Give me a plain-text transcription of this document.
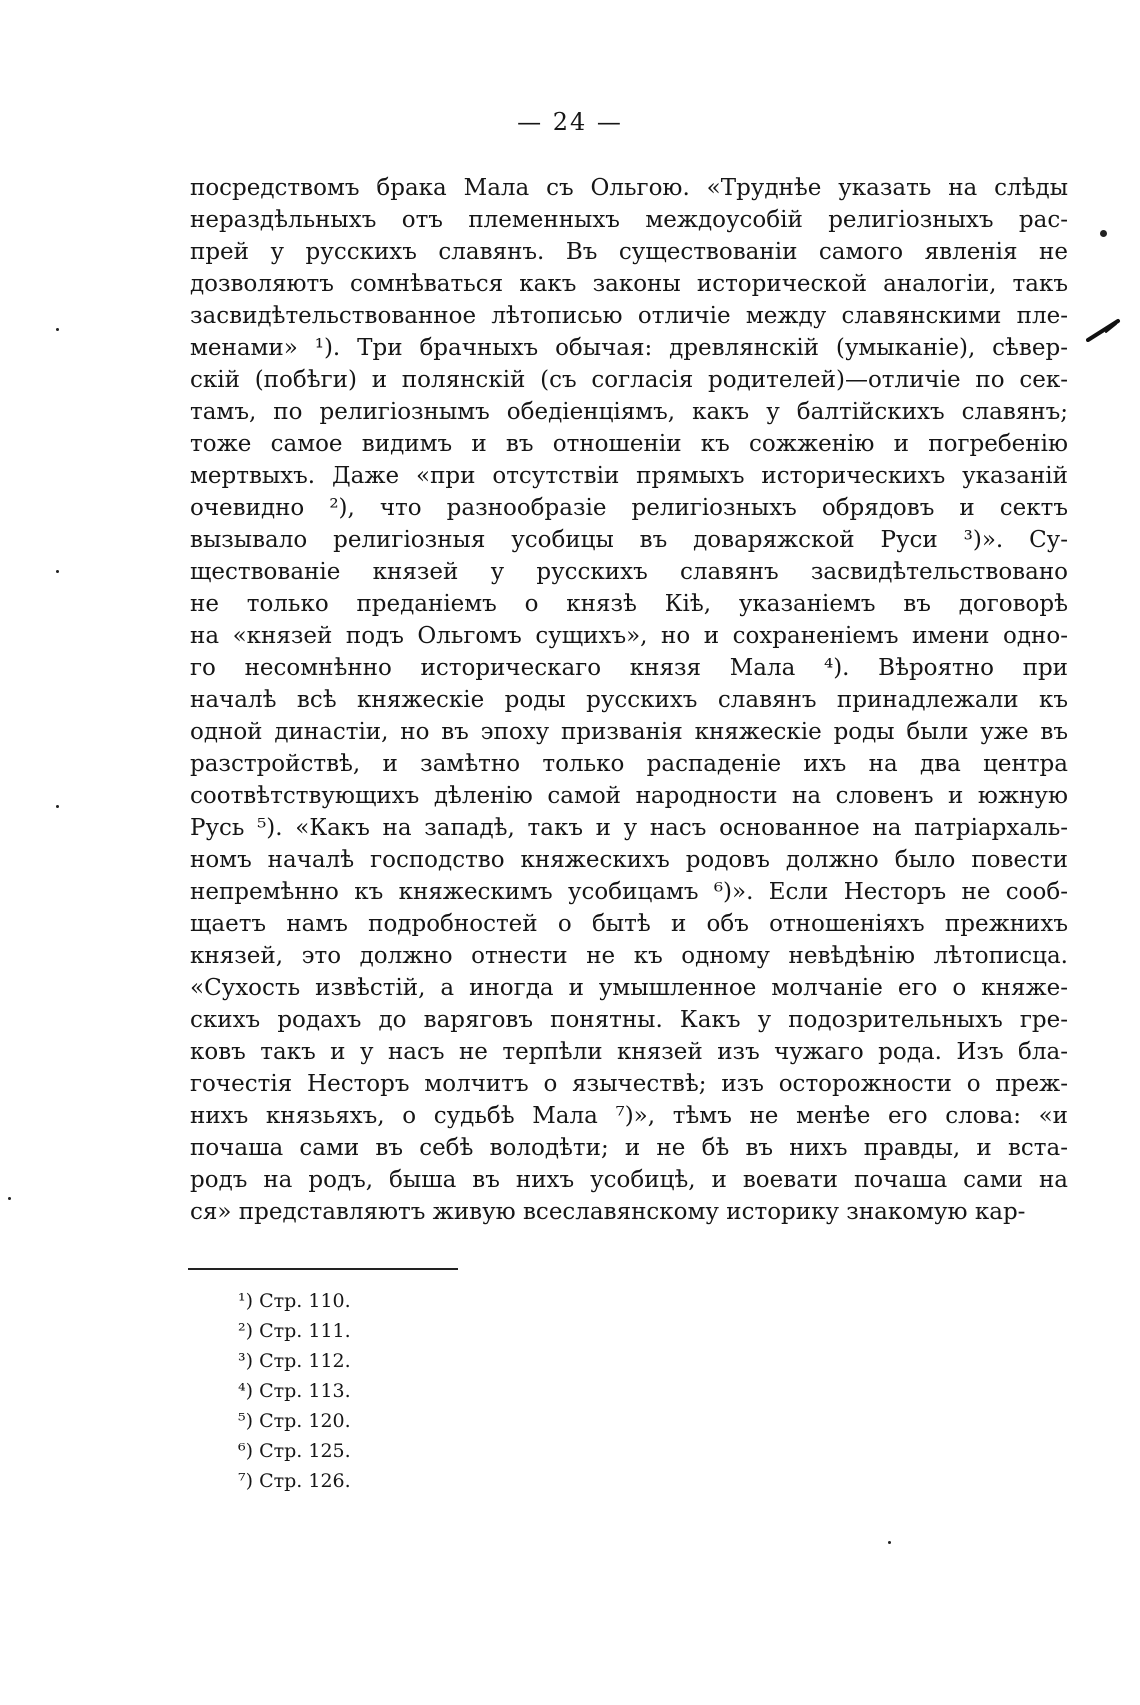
— 24 —
посредствомъ брака Мала съ Ольгою. «Труднѣе указать на слѣды
нераздѣльныхъ отъ племенныхъ междоусобій религіозныхъ рас-
прей у русскихъ славянъ. Въ существованіи самого явленія не
дозволяютъ сомнѣваться какъ законы исторической аналогіи, такъ
засвидѣтельствованное лѣтописью отличіе между славянскими пле-
менами» ¹). Три брачныхъ обычая: древлянскій (умыканіе), сѣвер-
скій (побѣги) и полянскій (съ согласія родителей)—отличіе по сек-
тамъ, по религіознымъ обедіенціямъ, какъ у балтійскихъ славянъ;
тоже самое видимъ и въ отношеніи къ сожженію и погребенію
мертвыхъ. Даже «при отсутствіи прямыхъ историческихъ указаній
очевидно ²), что разнообразіе религіозныхъ обрядовъ и сектъ
вызывало религіозныя усобицы въ доваряжской Руси ³)». Су-
ществованіе князей у русскихъ славянъ засвидѣтельствовано
не только преданіемъ о князѣ Кіѣ, указаніемъ въ договорѣ
на «князей подъ Ольгомъ сущихъ», но и сохраненіемъ имени одно-
го несомнѣнно историческаго князя Мала ⁴). Вѣроятно при
началѣ всѣ княжескіе роды русскихъ славянъ принадлежали къ
одной династіи, но въ эпоху призванія княжескіе роды были уже въ
разстройствѣ, и замѣтно только распаденіе ихъ на два центра
соотвѣтствующихъ дѣленію самой народности на словенъ и южную
Русь ⁵). «Какъ на западѣ, такъ и у насъ основанное на патріархаль-
номъ началѣ господство княжескихъ родовъ должно было повести
непремѣнно къ княжескимъ усобицамъ ⁶)». Если Несторъ не сооб-
щаетъ намъ подробностей о бытѣ и объ отношеніяхъ прежнихъ
князей, это должно отнести не къ одному невѣдѣнію лѣтописца.
«Сухость извѣстій, а иногда и умышленное молчаніе его о княже-
скихъ родахъ до варяговъ понятны. Какъ у подозрительныхъ гре-
ковъ такъ и у насъ не терпѣли князей изъ чужаго рода. Изъ бла-
гочестія Несторъ молчитъ о язычествѣ; изъ осторожности о преж-
нихъ князьяхъ, о судьбѣ Мала ⁷)», тѣмъ не менѣе его слова: «и
почаша сами въ себѣ володѣти; и не бѣ въ нихъ правды, и вста-
родъ на родъ, быша въ нихъ усобицѣ, и воевати почаша сами на
ся» представляютъ живую всеславянскому историку знакомую кар-
¹) Стр. 110.
²) Стр. 111.
³) Стр. 112.
⁴) Стр. 113.
⁵) Стр. 120.
⁶) Стр. 125.
⁷) Стр. 126.
